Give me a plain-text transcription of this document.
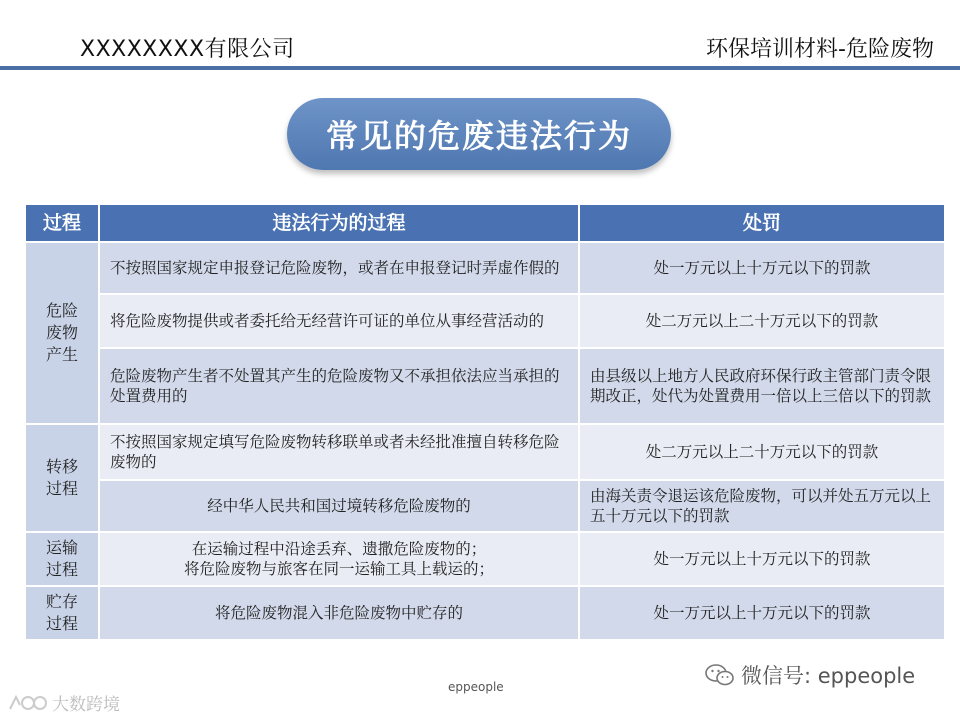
XXXXXXXX有限公司	环保培训材料-危险废物
常见的危废违法行为
过程	违法行为的过程	处罚
危险
废物
产生	不按照国家规定申报登记危险废物，或者在申报登记时弄虚作假的	处一万元以上十万元以下的罚款
	将危险废物提供或者委托给无经营许可证的单位从事经营活动的	处二万元以上二十万元以下的罚款
	危险废物产生者不处置其产生的危险废物又不承担依法应当承担的处置费用的	由县级以上地方人民政府环保行政主管部门责令限期改正，处代为处置费用一倍以上三倍以下的罚款
转移
过程	不按照国家规定填写危险废物转移联单或者未经批准擅自转移危险废物的	处二万元以上二十万元以下的罚款
	经中华人民共和国过境转移危险废物的	由海关责令退运该危险废物，可以并处五万元以上五十万元以下的罚款
运输
过程	在运输过程中沿途丢弃、遗撒危险废物的；
将危险废物与旅客在同一运输工具上载运的；	处一万元以上十万元以下的罚款
贮存
过程	将危险废物混入非危险废物中贮存的	处一万元以上十万元以下的罚款
eppeople	微信号: eppeople
大数跨境
